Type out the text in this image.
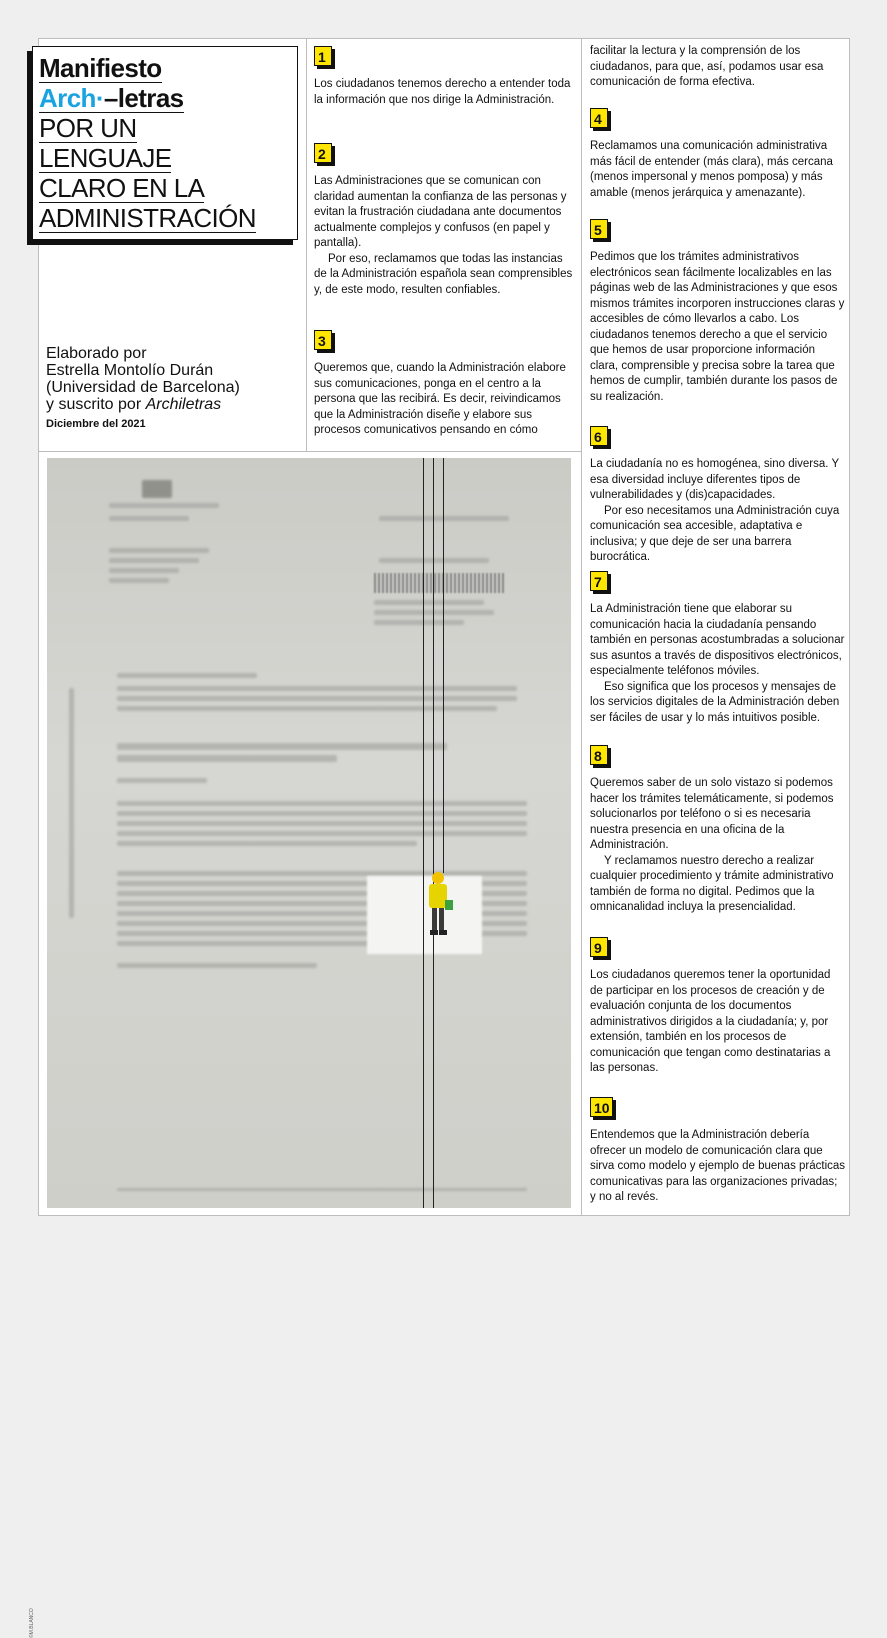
Manifiesto
Arch·–letras
POR UN
LENGUAJE
CLARO EN LA
ADMINISTRACIÓN
Elaborado por
Estrella Montolío Durán
(Universidad de Barcelona)
y suscrito por Archiletras
Diciembre del 2021
1

Los ciudadanos tenemos derecho a entender toda la información que nos dirige la Administración.

2

Las Administraciones que se comunican con claridad aumentan la confianza de las personas y evitan la frustración ciudadana ante documentos actualmente complejos y confusos (en papel y pantalla).

Por eso, reclamamos que todas las instancias de la Administración española sean comprensibles y, de este modo, resulten confiables.

3

Queremos que, cuando la Administración elabore sus comunicaciones, ponga en el centro a la persona que las recibirá. Es decir, reivindicamos que la Administración diseñe y elabore sus procesos comunicativos pensando en cómo

facilitar la lectura y la comprensión de los ciudadanos, para que, así, podamos usar esa comunicación de forma efectiva.

4

Reclamamos una comunicación administrativa más fácil de entender (más clara), más cercana (menos impersonal y menos pomposa) y más amable (menos jerárquica y amenazante).

5

Pedimos que los trámites administrativos electrónicos sean fácilmente localizables en las páginas web de las Administraciones y que esos mismos trámites incorporen instrucciones claras y accesibles de cómo llevarlos a cabo. Los ciudadanos tenemos derecho a que el servicio que hemos de usar proporcione información clara, comprensible y precisa sobre la tarea que hemos de cumplir, también durante los pasos de su realización.

6

La ciudadanía no es homogénea, sino diversa. Y esa diversidad incluye diferentes tipos de vulnerabilidades y (dis)capacidades.

Por eso necesitamos una Administración cuya comunicación sea accesible, adaptativa e inclusiva; y que deje de ser una barrera burocrática.

7

La Administración tiene que elaborar su comunicación hacia la ciudadanía pensando también en personas acostumbradas a solucionar sus asuntos a través de dispositivos electrónicos, especialmente teléfonos móviles.

Eso significa que los procesos y mensajes de los servicios digitales de la Administración deben ser fáciles de usar y lo más intuitivos posible.

8

Queremos saber de un solo vistazo si podemos hacer los trámites telemáticamente, si podemos solucionarlos por teléfono o si es necesaria nuestra presencia en una oficina de la Administración.

Y reclamamos nuestro derecho a realizar cualquier procedimiento y trámite administrativo también de forma no digital. Pedimos que la omnicanalidad incluya la presencialidad.

9

Los ciudadanos queremos tener la oportunidad de participar en los procesos de creación y de evaluación conjunta de los documentos administrativos dirigidos a la ciudadanía; y, por extensión, también en los procesos de comunicación que tengan como destinatarias a las personas.

10

Entendemos que la Administración debería ofrecer un modelo de comunicación clara que sirva como modelo y ejemplo de buenas prácticas comunicativas para las organizaciones privadas; y no al revés.

©M.BLANCO
